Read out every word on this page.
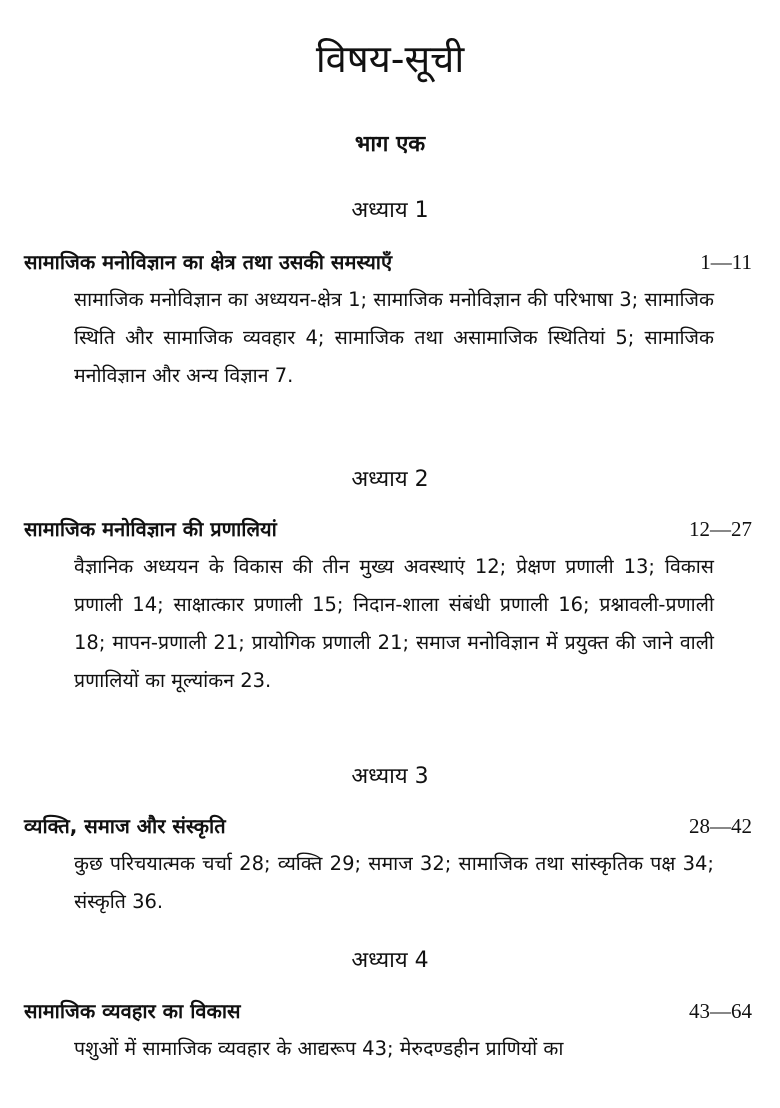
विषय-सूची
भाग एक
अध्याय 1
सामाजिक मनोविज्ञान का क्षेत्र तथा उसकी समस्याएँ	1—11
सामाजिक मनोविज्ञान का अध्ययन-क्षेत्र 1; सामाजिक मनोविज्ञान की परिभाषा 3; सामाजिक स्थिति और सामाजिक व्यवहार 4; सामाजिक तथा असामाजिक स्थितियां 5; सामाजिक मनोविज्ञान और अन्य विज्ञान 7.
अध्याय 2
सामाजिक मनोविज्ञान की प्रणालियां	12—27
वैज्ञानिक अध्ययन के विकास की तीन मुख्य अवस्थाएं 12; प्रेक्षण प्रणाली 13; विकास प्रणाली 14; साक्षात्कार प्रणाली 15; निदान-शाला संबंधी प्रणाली 16; प्रश्नावली-प्रणाली 18; मापन-प्रणाली 21; प्रायोगिक प्रणाली 21; समाज मनोविज्ञान में प्रयुक्त की जाने वाली प्रणालियों का मूल्यांकन 23.
अध्याय 3
व्यक्ति, समाज और संस्कृति	28—42
कुछ परिचयात्मक चर्चा 28; व्यक्ति 29; समाज 32; सामाजिक तथा सांस्कृतिक पक्ष 34; संस्कृति 36.
अध्याय 4
सामाजिक व्यवहार का विकास	43—64
पशुओं में सामाजिक व्यवहार के आद्यरूप 43; मेरुदण्डहीन प्राणियों का
